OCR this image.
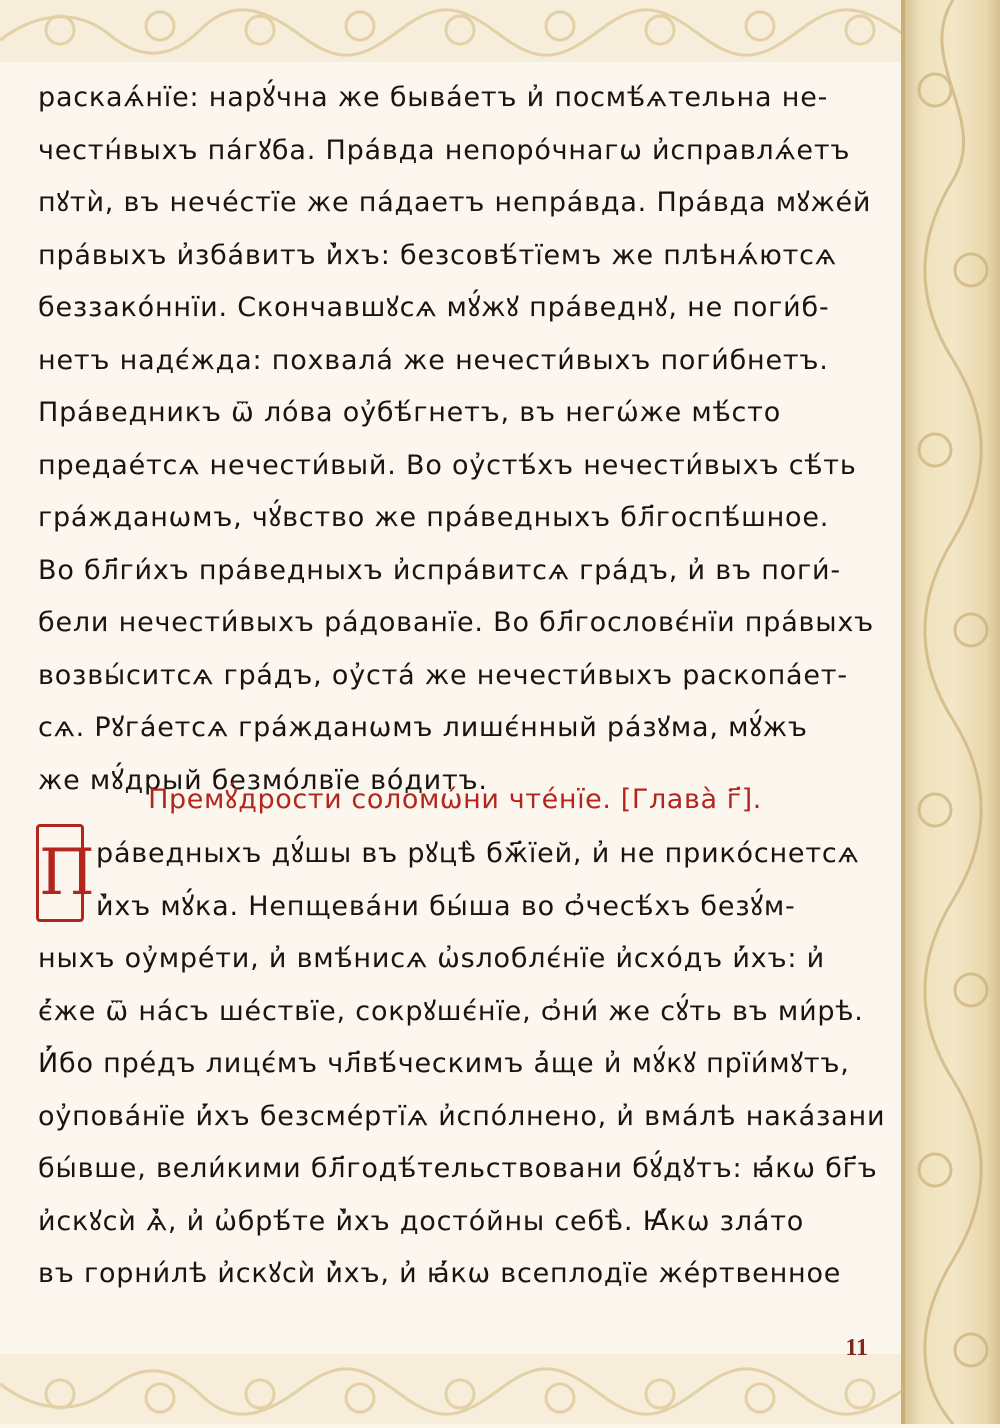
раскаѧ́нїе: нарꙋ́чна же быва́етъ и҆ посмѣ́ѧтельна не-
честн́выхъ па́гꙋба. Пра́вда непоро́чнагѡ и҆справлѧ́етъ
пꙋтѝ, въ нече́стїе же па́даетъ непра́вда. Пра́вда мꙋже́й
пра́выхъ и҆зба́витъ и҆̀хъ: безсовѣ́тїемъ же плѣнѧ́ютсѧ
беззако́ннїи. Скончавшꙋсѧ мꙋ́жꙋ пра́веднꙋ, не поги́б-
нетъ надє́жда: похвала́ же нечести́выхъ поги́бнетъ.
Пра́ведникъ ѿ ло́ва оу҆бѣ́гнетъ, въ негѡ́же мѣ́сто
предае́тсѧ нечести́вый. Во оу҆стѣ́хъ нечести́выхъ сѣ́ть
гра́жданѡмъ, чꙋ́вство же пра́ведныхъ бл҃госпѣ́шное.
Во бл҃ги́хъ пра́ведныхъ и҆спра́витсѧ гра́дъ, и҆ въ поги́-
бели нечести́выхъ ра́дованїе. Во бл҃гословє́нїи пра́выхъ
возвы́ситсѧ гра́дъ, оу҆ста́ же нечести́выхъ раскопа́ет-
сѧ. Рꙋга́етсѧ гра́жданѡмъ лишє́нный ра́зꙋма, мꙋ́жъ
же мꙋ́дрый безмо́лвїе во́дитъ.
Премꙋ́дрости соломѡ́ни чте́нїе. [Глава̀ г҃].
П ра́ведныхъ дꙋ́шы въ рꙋцѣ̀ бж҃їей, и҆ не прико́снетсѧ
и҆̀хъ мꙋ́ка. Непщева́ни бы́ша во ѻ҆чесѣ́хъ безꙋ́м-
ныхъ оу҆мре́ти, и҆ вмѣ́нисѧ ѡ҆ѕлоблє́нїе и҆схо́дъ и҆́хъ: и҆
є҆́же ѿ на́съ ше́ствїе, сокрꙋшє́нїе, ѻ҆ни́ же сꙋ́ть въ ми́рѣ.
И҆́бо пре́дъ лицє́мъ чл҃вѣ́ческимъ а҆́ще и҆ мꙋ́кꙋ прїи́мꙋтъ,
оу҆пова́нїе и҆́хъ безсме́ртїѧ и҆спо́лнено, и҆ вма́лѣ нака́зани
бы́вше, вели́кими бл҃годѣ́тельствовани бꙋ́дꙋтъ: ꙗ҆́кѡ бг҃ъ
и҆скꙋсѝ ѧ҆̀, и҆ ѡ҆брѣ́те и҆̀хъ досто́йны себѣ̀. Ꙗ҆́кѡ зла́то
въ горни́лѣ и҆скꙋсѝ и҆̀хъ, и҆ ꙗ҆́кѡ всеплодїе же́ртвенное
11
